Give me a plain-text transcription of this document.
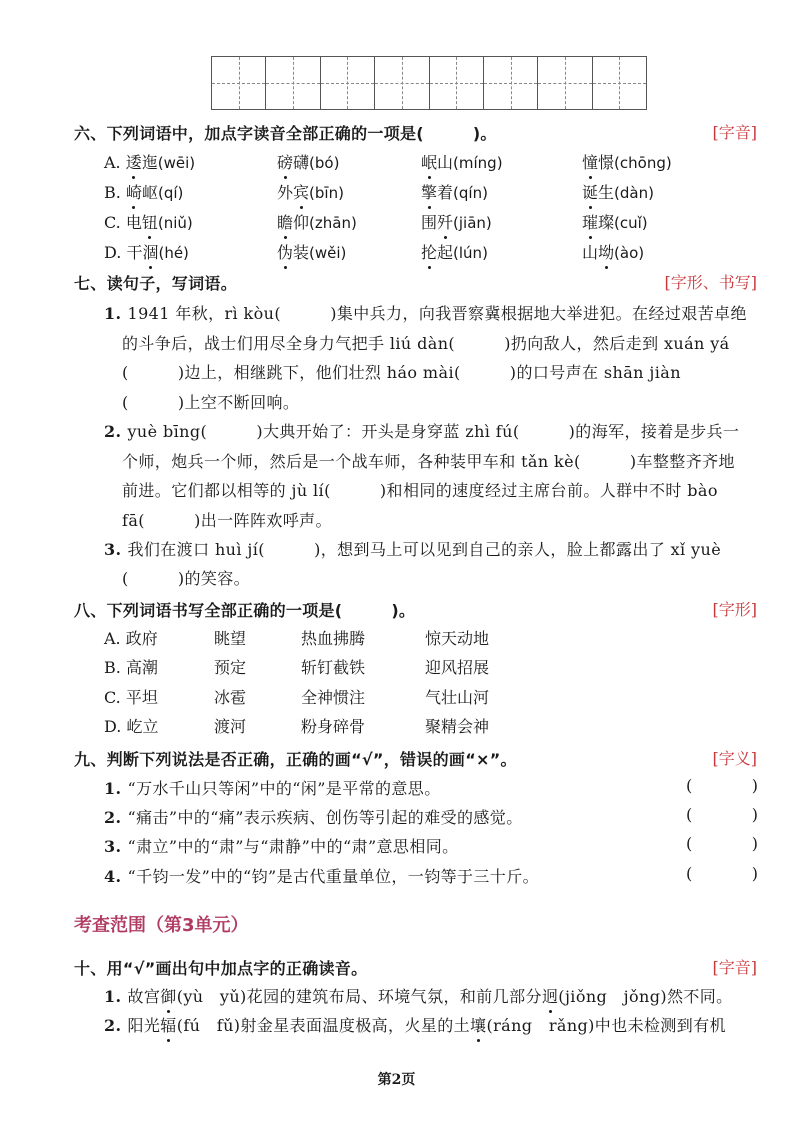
六、下列词语中，加点字读音全部正确的一项是(　　　)。	[字音]
A. 逶迤(wēi)	磅礴(bó)	岷山(míng)	憧憬(chōng)
B. 崎岖(qí)	外宾(bīn)	擎着(qín)	诞生(dàn)
C. 电钮(niǔ)	瞻仰(zhān)	围歼(jiān)	璀璨(cuǐ)
D. 干涸(hé)	伪装(wěi)	抡起(lún)	山坳(ào)
七、读句子，写词语。	[字形、书写]
1. 1941 年秋，rì kòu(　　　)集中兵力，向我晋察冀根据地大举进犯。在经过艰苦卓绝
的斗争后，战士们用尽全身力气把手 liú dàn(　　　)扔向敌人，然后走到 xuán yá
(　　　)边上，相继跳下，他们壮烈 háo mài(　　　)的口号声在 shān jiàn
(　　　)上空不断回响。
2. yuè bīng(　　　)大典开始了：开头是身穿蓝 zhì fú(　　　)的海军，接着是步兵一
个师，炮兵一个师，然后是一个战车师，各种装甲车和 tǎn kè(　　　)车整整齐齐地
前进。它们都以相等的 jù lí(　　　)和相同的速度经过主席台前。人群中不时 bào
fā(　　　)出一阵阵欢呼声。
3. 我们在渡口 huì jí(　　　)，想到马上可以见到自己的亲人，脸上都露出了 xǐ yuè
(　　　)的笑容。
八、下列词语书写全部正确的一项是(　　　)。	[字形]
A. 政府	眺望	热血拂腾	惊天动地
B. 高潮	预定	斩钉截铁	迎风招展
C. 平坦	冰雹	全神惯注	气壮山河
D. 屹立	渡河	粉身碎骨	聚精会神
九、判断下列说法是否正确，正确的画“√”，错误的画“×”。	[字义]
1. “万水千山只等闲”中的“闲”是平常的意思。	(	)
2. “痛击”中的“痛”表示疾病、创伤等引起的难受的感觉。	(	)
3. “肃立”中的“肃”与“肃静”中的“肃”意思相同。	(	)
4. “千钧一发”中的“钧”是古代重量单位，一钧等于三十斤。	(	)
考查范围（第3单元）
十、用“√”画出句中加点字的正确读音。	[字音]
1. 故宫御(yù　yǔ)花园的建筑布局、环境气氛，和前几部分迥(jiǒng　jǒng)然不同。
2. 阳光辐(fú　fǔ)射金星表面温度极高，火星的土壤(ráng　rǎng)中也未检测到有机
第2页
